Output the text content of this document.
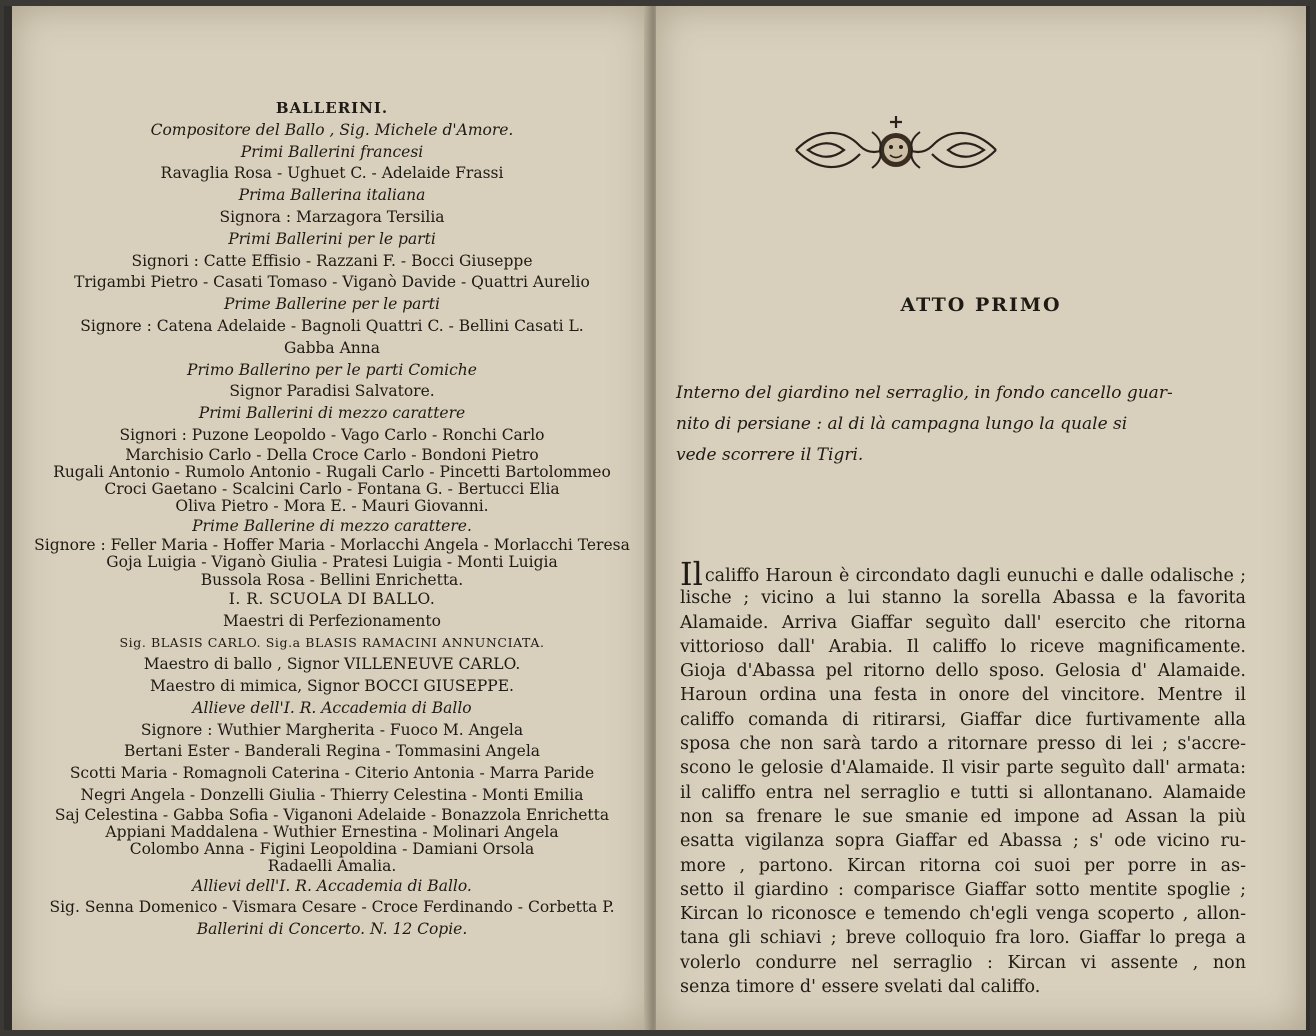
BALLERINI.
Compositore del Ballo , Sig. Michele d'Amore.
Primi Ballerini francesi
Ravaglia Rosa - Ughuet C. - Adelaide Frassi
Prima Ballerina italiana
Signora : Marzagora Tersilia
Primi Ballerini per le parti
Signori : Catte Effisio - Razzani F. - Bocci Giuseppe
Trigambi Pietro - Casati Tomaso - Viganò Davide - Quattri Aurelio
Prime Ballerine per le parti
Signore : Catena Adelaide - Bagnoli Quattri C. - Bellini Casati L.
Gabba Anna
Primo Ballerino per le parti Comiche
Signor Paradisi Salvatore.
Primi Ballerini di mezzo carattere
Signori : Puzone Leopoldo - Vago Carlo - Ronchi Carlo
Marchisio Carlo - Della Croce Carlo - Bondoni Pietro
Rugali Antonio - Rumolo Antonio - Rugali Carlo - Pincetti Bartolommeo
Croci Gaetano - Scalcini Carlo - Fontana G. - Bertucci Elia
Oliva Pietro - Mora E. - Mauri Giovanni.
Prime Ballerine di mezzo carattere.
Signore : Feller Maria - Hoffer Maria - Morlacchi Angela - Morlacchi Teresa
Goja Luigia - Viganò Giulia - Pratesi Luigia - Monti Luigia
Bussola Rosa - Bellini Enrichetta.
I. R. SCUOLA DI BALLO.
Maestri di Perfezionamento
Sig. BLASIS CARLO. Sig.a BLASIS RAMACINI ANNUNCIATA.
Maestro di ballo , Signor VILLENEUVE CARLO.
Maestro di mimica, Signor BOCCI GIUSEPPE.
Allieve dell'I. R. Accademia di Ballo
Signore : Wuthier Margherita - Fuoco M. Angela
Bertani Ester - Banderali Regina - Tommasini Angela
Scotti Maria - Romagnoli Caterina - Citerio Antonia - Marra Paride
Negri Angela - Donzelli Giulia - Thierry Celestina - Monti Emilia
Saj Celestina - Gabba Sofia - Viganoni Adelaide - Bonazzola Enrichetta
Appiani Maddalena - Wuthier Ernestina - Molinari Angela
Colombo Anna - Figini Leopoldina - Damiani Orsola
Radaelli Amalia.
Allievi dell'I. R. Accademia di Ballo.
Sig. Senna Domenico - Vismara Cesare - Croce Ferdinando - Corbetta P.
Ballerini di Concerto. N. 12 Copie.
ATTO PRIMO
Interno del giardino nel serraglio, in fondo cancello guar-
nito di persiane : al di là campagna lungo la quale si
vede scorrere il Tigri.
Il califfo Haroun è circondato dagli eunuchi e dalle odalische ;
lische ; vicino a lui stanno la sorella Abassa e la favorita
Alamaide. Arriva Giaffar seguìto dall' esercito che ritorna
vittorioso dall' Arabia. Il califfo lo riceve magnificamente.
Gioja d'Abassa pel ritorno dello sposo. Gelosia d' Alamaide.
Haroun ordina una festa in onore del vincitore. Mentre il
califfo comanda di ritirarsi, Giaffar dice furtivamente alla
sposa che non sarà tardo a ritornare presso di lei ; s'accre-
scono le gelosie d'Alamaide. Il visir parte seguìto dall' armata:
il califfo entra nel serraglio e tutti si allontanano. Alamaide
non sa frenare le sue smanie ed impone ad Assan la più
esatta vigilanza sopra Giaffar ed Abassa ; s' ode vicino ru-
more , partono. Kircan ritorna coi suoi per porre in as-
setto il giardino : comparisce Giaffar sotto mentite spoglie ;
Kircan lo riconosce e temendo ch'egli venga scoperto , allon-
tana gli schiavi ; breve colloquio fra loro. Giaffar lo prega a
volerlo condurre nel serraglio : Kircan vi assente , non
senza timore d' essere svelati dal califfo.
